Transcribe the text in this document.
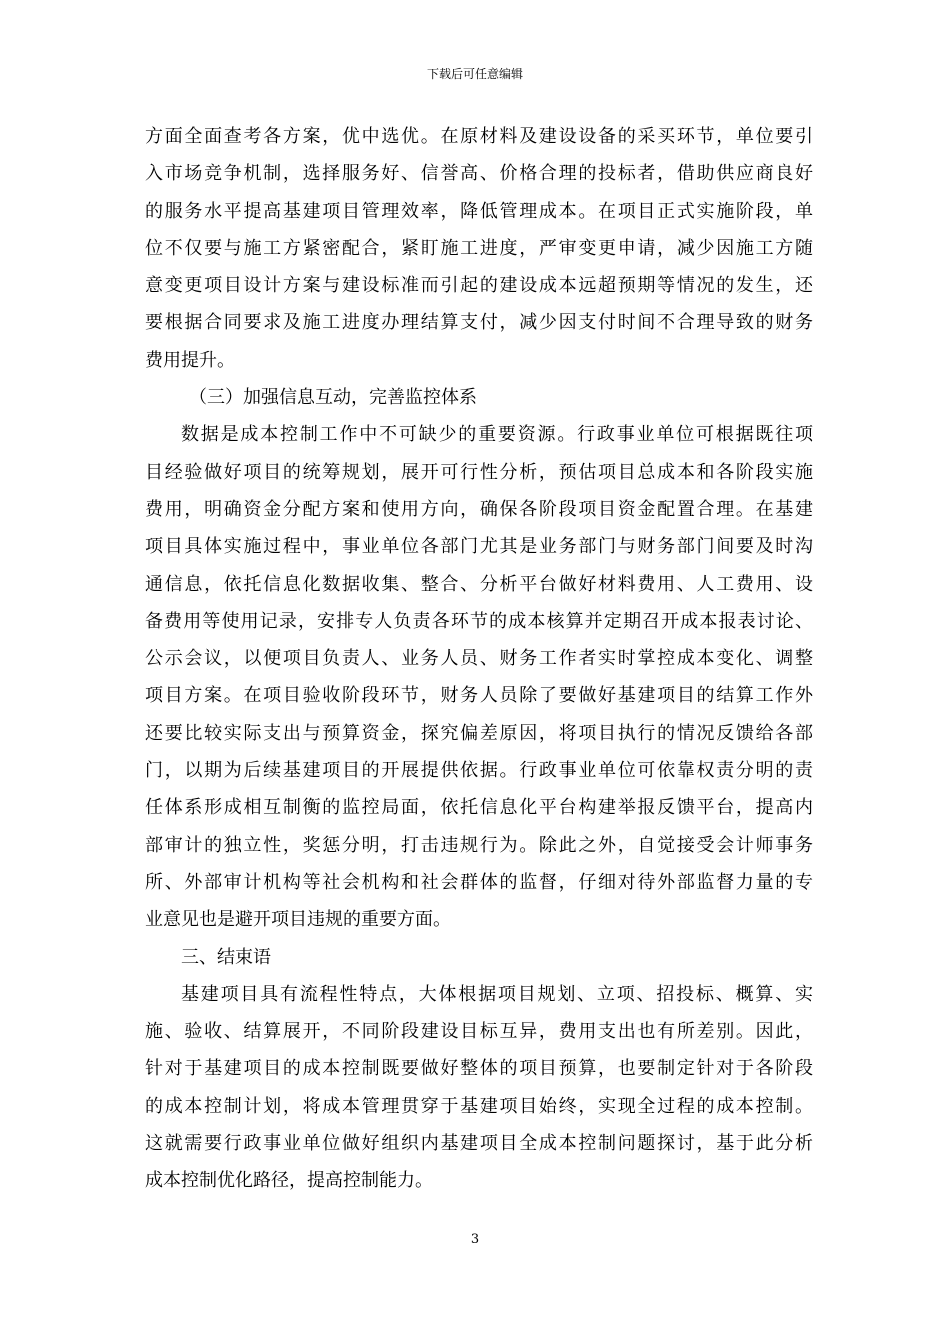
下载后可任意编辑
方面全面查考各方案，优中选优。在原材料及建设设备的采买环节，单位要引
入市场竞争机制，选择服务好、信誉高、价格合理的投标者，借助供应商良好
的服务水平提高基建项目管理效率，降低管理成本。在项目正式实施阶段，单
位不仅要与施工方紧密配合，紧盯施工进度，严审变更申请，减少因施工方随
意变更项目设计方案与建设标准而引起的建设成本远超预期等情况的发生，还
要根据合同要求及施工进度办理结算支付，减少因支付时间不合理导致的财务
费用提升。
（三）加强信息互动，完善监控体系
数据是成本控制工作中不可缺少的重要资源。行政事业单位可根据既往项
目经验做好项目的统筹规划，展开可行性分析，预估项目总成本和各阶段实施
费用，明确资金分配方案和使用方向，确保各阶段项目资金配置合理。在基建
项目具体实施过程中，事业单位各部门尤其是业务部门与财务部门间要及时沟
通信息，依托信息化数据收集、整合、分析平台做好材料费用、人工费用、设
备费用等使用记录，安排专人负责各环节的成本核算并定期召开成本报表讨论、
公示会议，以便项目负责人、业务人员、财务工作者实时掌控成本变化、调整
项目方案。在项目验收阶段环节，财务人员除了要做好基建项目的结算工作外
还要比较实际支出与预算资金，探究偏差原因，将项目执行的情况反馈给各部
门，以期为后续基建项目的开展提供依据。行政事业单位可依靠权责分明的责
任体系形成相互制衡的监控局面，依托信息化平台构建举报反馈平台，提高内
部审计的独立性，奖惩分明，打击违规行为。除此之外，自觉接受会计师事务
所、外部审计机构等社会机构和社会群体的监督，仔细对待外部监督力量的专
业意见也是避开项目违规的重要方面。
三、结束语
基建项目具有流程性特点，大体根据项目规划、立项、招投标、概算、实
施、验收、结算展开，不同阶段建设目标互异，费用支出也有所差别。因此，
针对于基建项目的成本控制既要做好整体的项目预算，也要制定针对于各阶段
的成本控制计划，将成本管理贯穿于基建项目始终，实现全过程的成本控制。
这就需要行政事业单位做好组织内基建项目全成本控制问题探讨，基于此分析
成本控制优化路径，提高控制能力。
3
